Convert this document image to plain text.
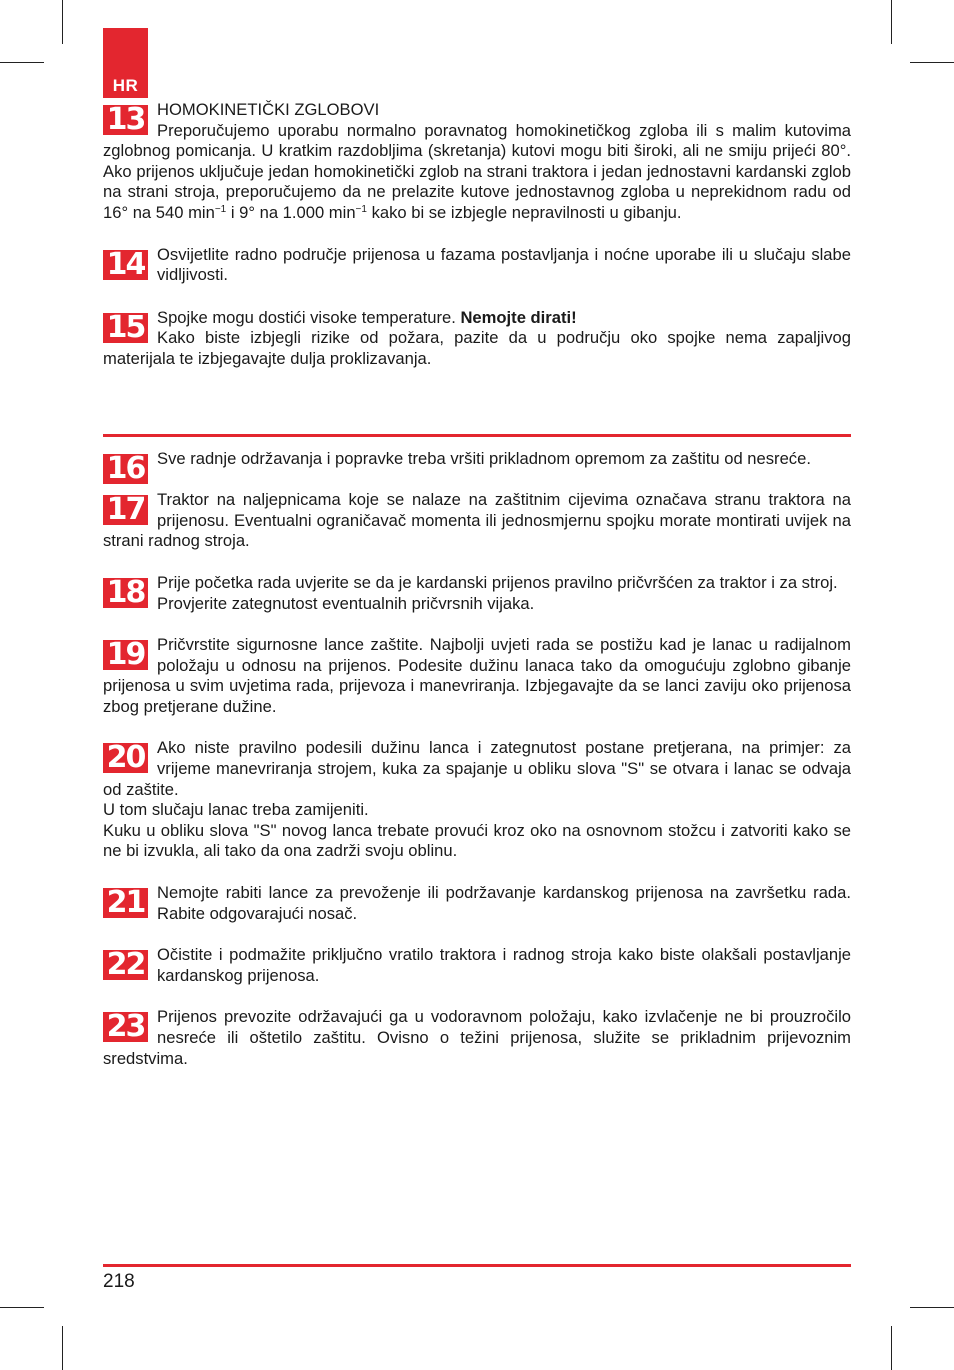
HR
13 HOMOKINETIČKI ZGLOBOVI

Preporučujemo uporabu normalno poravnatog homokinetičkog zgloba ili s malim kutovima zglobnog pomicanja. U kratkim razdobljima (skretanja) kutovi mogu biti široki, ali ne smiju prijeći 80°. Ako prijenos uključuje jedan homokinetički zglob na strani traktora i jedan jednostavni kardanski zglob na strani stroja, preporučujemo da ne prelazite kutove jednostavnog zgloba u neprekidnom radu od 16° na 540 $\min^{-1} i$ 9° na 1.000 $\min^{-1}$ kako bi se izbjegle nepravilnosti u gibanju.

14 Osvijetlite radno područje prijenosa u fazama postavljanja i noćne uporabe ili u slučaju slabe vidljivosti.

15 Spojke mogu dostići visoke temperature. Nemojte dirati!

Kako biste izbjegli rizike od požara, pazite da u području oko spojke nema zapaljivog materijala te izbjegavajte dulja proklizavanja.

16 Sve radnje održavanja i popravke treba vršiti prikladnom opremom za zaštitu od nesreće.

17 Traktor na naljepnicama koje se nalaze na zaštitnim cijevima označava stranu traktora na prijenosu. Eventualni ograničavač momenta ili jednosmjernu spojku morate montirati uvijek na strani radnog stroja.

18 Prije početka rada uvjerite se da je kardanski prijenos pravilno pričvršćen za traktor i za stroj.

Provjerite zategnutost eventualnih pričvrsnih vijaka.

19 Pričvrstite sigurnosne lance zaštite. Najbolji uvjeti rada se postižu kad je lanac u radijalnom položaju u odnosu na prijenos. Podesite dužinu lanaca tako da omogućuju zglobno gibanje prijenosa u svim uvjetima rada, prijevoza i manevriranja. Izbjegavajte da se lanci zaviju oko prijenosa zbog pretjerane dužine.

20 Ako niste pravilno podesili dužinu lanca i zategnutost postane pretjerana, na primjer: za vrijeme manevriranja strojem, kuka za spajanje u obliku slova "S" se otvara i lanac se odvaja od zaštite.

U tom slučaju lanac treba zamijeniti.

Kuku u obliku slova "S" novog lanca trebate provući kroz oko na osnovnom stožcu i zatvoriti kako se ne bi izvukla, ali tako da ona zadrži svoju oblinu.

21 Nemojte rabiti lance za prevoženje ili podržavanje kardanskog prijenosa na završetku rada. Rabite odgovarajući nosač.

22 Očistite i podmažite priključno vratilo traktora i radnog stroja kako biste olakšali postavljanje kardanskog prijenosa.

23 Prijenos prevozite održavajući ga u vodoravnom položaju, kako izvlačenje ne bi prouzročilo nesreće ili oštetilo zaštitu. Ovisno o težini prijenosa, služite se prikladnim prijevoznim sredstvima.

218
